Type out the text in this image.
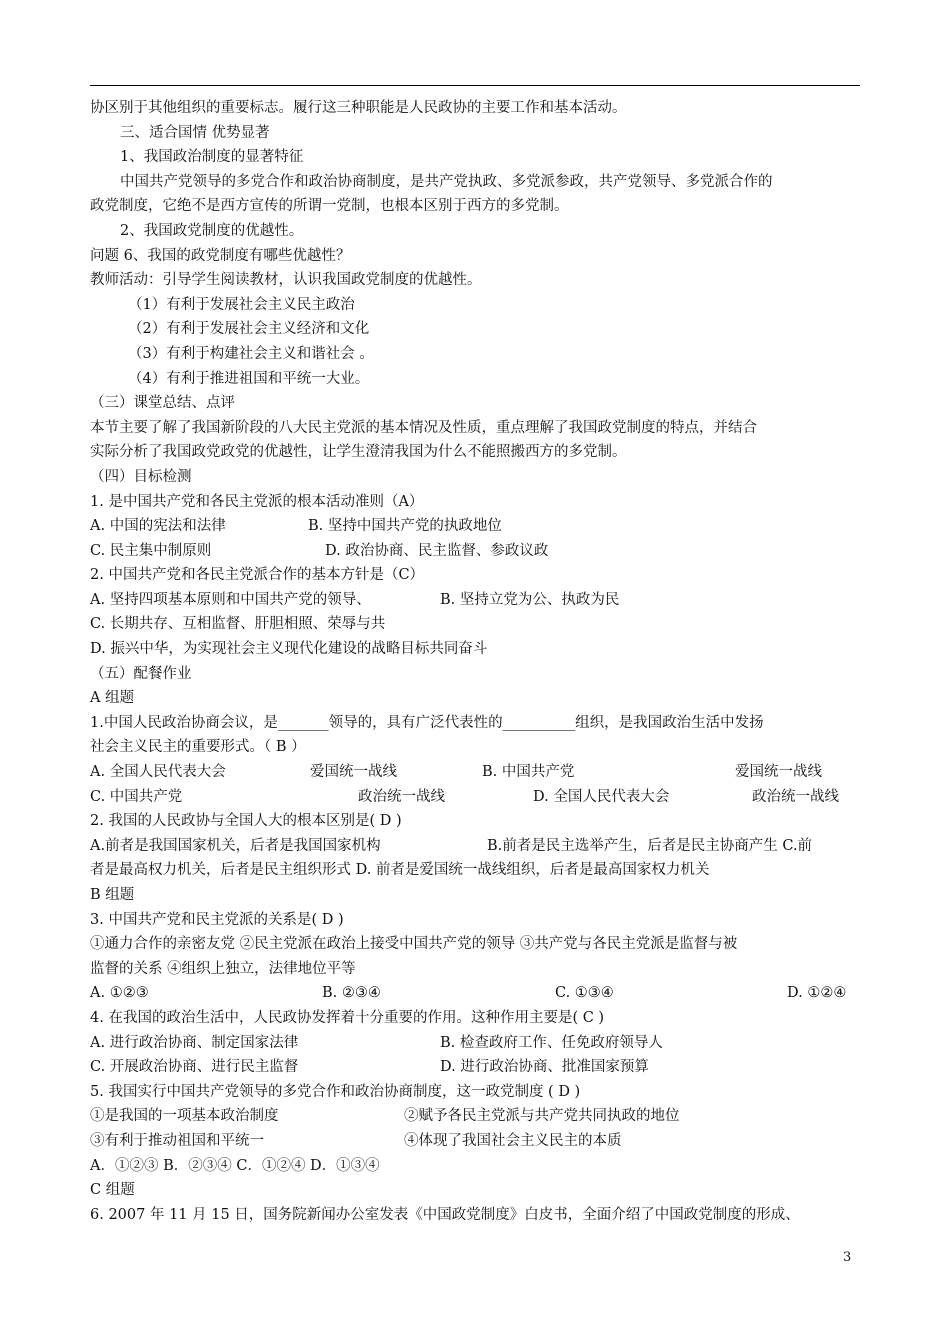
协区别于其他组织的重要标志。履行这三种职能是人民政协的主要工作和基本活动。
三、适合国情 优势显著
1、我国政治制度的显著特征
中国共产党领导的多党合作和政治协商制度，是共产党执政、多党派参政，共产党领导、多党派合作的
政党制度，它绝不是西方宣传的所谓一党制，也根本区别于西方的多党制。
2、我国政党制度的优越性。
问题 6、我国的政党制度有哪些优越性？
教师活动：引导学生阅读教材，认识我国政党制度的优越性。
（1）有利于发展社会主义民主政治
（2）有利于发展社会主义经济和文化
（3）有利于构建社会主义和谐社会 。
（4）有利于推进祖国和平统一大业。
（三）课堂总结、点评
本节主要了解了我国新阶段的八大民主党派的基本情况及性质，重点理解了我国政党制度的特点，并结合
实际分析了我国政党政党的优越性，让学生澄清我国为什么不能照搬西方的多党制。
（四）目标检测
1. 是中国共产党和各民主党派的根本活动准则（A）
A. 中国的宪法和法律	B. 坚持中国共产党的执政地位
C. 民主集中制原则	D. 政治协商、民主监督、参政议政
2. 中国共产党和各民主党派合作的基本方针是（C）
A. 坚持四项基本原则和中国共产党的领导、	B. 坚持立党为公、执政为民
C. 长期共存、互相监督、肝胆相照、荣辱与共
D. 振兴中华，为实现社会主义现代化建设的战略目标共同奋斗
（五）配餐作业
A 组题
1.中国人民政治协商会议，是_______领导的，具有广泛代表性的__________组织，是我国政治生活中发扬
社会主义民主的重要形式。（ B ）
A. 全国人民代表大会	爱国统一战线	B. 中国共产党	爱国统一战线
C. 中国共产党	政治统一战线	D. 全国人民代表大会	政治统一战线
2. 我国的人民政协与全国人大的根本区别是( D )
A.前者是我国国家机关，后者是我国国家机构	B.前者是民主选举产生，后者是民主协商产生 C.前
者是最高权力机关，后者是民主组织形式 D. 前者是爱国统一战线组织，后者是最高国家权力机关
B 组题
3. 中国共产党和民主党派的关系是( D )
①通力合作的亲密友党 ②民主党派在政治上接受中国共产党的领导 ③共产党与各民主党派是监督与被
监督的关系 ④组织上独立，法律地位平等
A. ①②③	B. ②③④	C. ①③④	D. ①②④
4. 在我国的政治生活中，人民政协发挥着十分重要的作用。这种作用主要是( C )
A. 进行政治协商、制定国家法律	B. 检查政府工作、任免政府领导人
C. 开展政治协商、进行民主监督	D. 进行政治协商、批准国家预算
5. 我国实行中国共产党领导的多党合作和政治协商制度，这一政党制度 ( D )
①是我国的一项基本政治制度	②赋予各民主党派与共产党共同执政的地位
③有利于推动祖国和平统一	④体现了我国社会主义民主的本质
A．①②③ B．②③④ C．①②④ D．①③④
C 组题
6. 2007 年 11 月 15 日，国务院新闻办公室发表《中国政党制度》白皮书，全面介绍了中国政党制度的形成、
3
